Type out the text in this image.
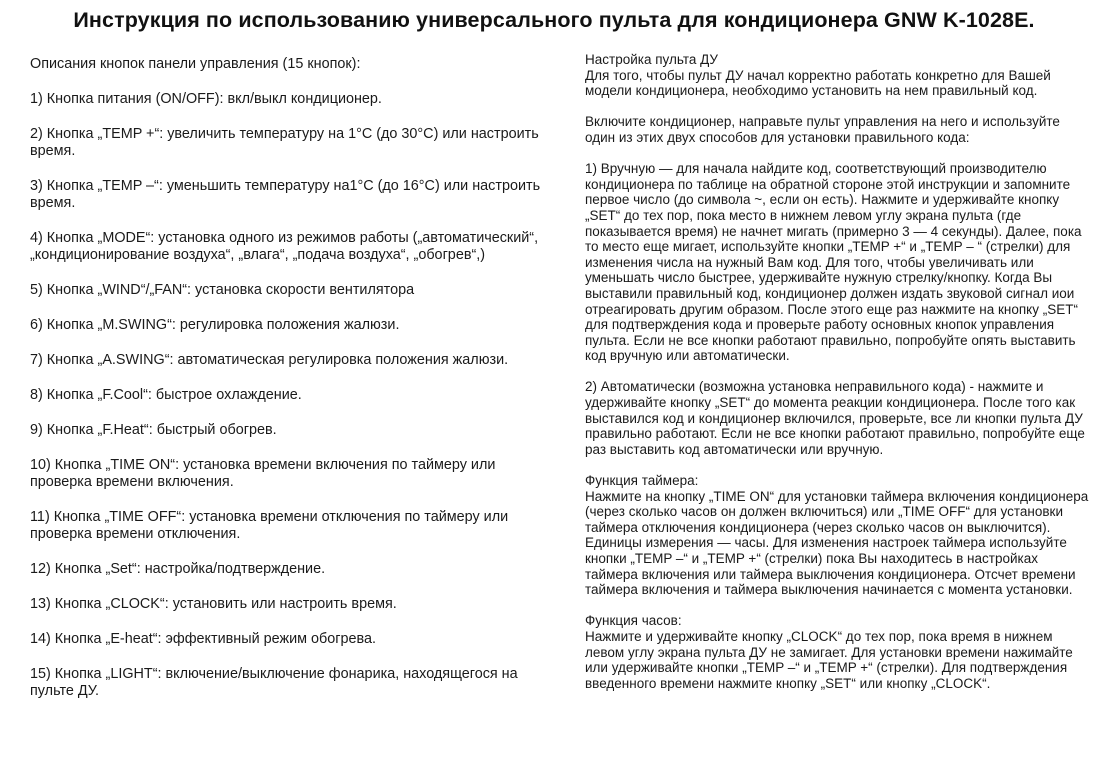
Инструкция по использованию универсального пульта для кондиционера GNW K-1028E.

Описания кнопок панели управления (15 кнопок):

1) Кнопка питания (ON/OFF): вкл/выкл кондиционер.

2) Кнопка „TEMP +“: увеличить температуру на 1°C (до 30°C) или настроить время.

3) Кнопка „TEMP –“: уменьшить температуру на1°C (до 16°C) или настроить время.

4) Кнопка „MODE“: установка одного из режимов работы („автоматический“, „кондиционирование воздуха“, „влага“, „подача воздуха“, „обогрев“,)

5) Кнопка „WIND“/„FAN“: установка скорости вентилятора

6) Кнопка „M.SWING“: регулировка положения жалюзи.

7) Кнопка „A.SWING“: автоматическая регулировка положения жалюзи.

8) Кнопка „F.Cool“: быстрое охлаждение.

9) Кнопка „F.Heat“: быстрый обогрев.

10) Кнопка „TIME ON“: установка времени включения по таймеру или проверка времени включения.

11) Кнопка „TIME OFF“: установка времени отключения по таймеру или проверка времени отключения.

12) Кнопка „Set“: настройка/подтверждение.

13) Кнопка „CLOCK“: установить или настроить время.

14) Кнопка „E-heat“: эффективный режим обогрева.

15) Кнопка „LIGHT“: включение/выключение фонарика, находящегося на пульте ДУ.

Настройка пульта ДУ

Для того, чтобы пульт ДУ начал корректно работать конкретно для Вашей модели кондиционера, необходимо установить на нем правильный код.

Включите кондиционер, направьте пульт управления на него и используйте один из этих двух способов для установки правильного кода:

1) Вручную — для начала найдите код, соответствующий производителю кондиционера по таблице на обратной стороне этой инструкции и запомните первое число (до символа ~, если он есть). Нажмите и удерживайте кнопку „SET“ до тех пор, пока место в нижнем левом углу экрана пульта (где показывается время) не начнет мигать (примерно 3 — 4 секунды). Далее, пока то место еще мигает, используйте кнопки „TEMP +“ и „TEMP – “ (стрелки) для изменения числа на нужный Вам код. Для того, чтобы увеличивать или уменьшать число быстрее, удерживайте нужную стрелку/кнопку. Когда Вы выставили правильный код, кондиционер должен издать звуковой сигнал иои отреагировать другим образом. После этого еще раз нажмите на кнопку „SET“ для подтверждения кода и проверьте работу основных кнопок управления пульта. Если не все кнопки работают правильно, попробуйте опять выставить код вручную или автоматически.

2) Автоматически (возможна установка неправильного кода) - нажмите и удерживайте кнопку „SET“ до момента реакции кондиционера. После того как выставился код и кондиционер включился, проверьте, все ли кнопки пульта ДУ правильно работают. Если не все кнопки работают правильно, попробуйте еще раз выставить код автоматически или вручную.

Функция таймера:

Нажмите на кнопку „TIME ON“ для установки таймера включения кондиционера (через сколько часов он должен включиться) или „TIME OFF“ для установки таймера отключения кондиционера (через сколько часов он выключится). Единицы измерения — часы. Для изменения настроек таймера используйте кнопки „TEMP –“ и „TEMP +“ (стрелки) пока Вы находитесь в настройках таймера включения или таймера выключения кондиционера. Отсчет времени таймера включения и таймера выключения начинается с момента установки.

Функция часов:

Нажмите и удерживайте кнопку „CLOCK“ до тех пор, пока время в нижнем левом углу экрана пульта ДУ не замигает. Для установки времени нажимайте или удерживайте кнопки „TEMP –“ и „TEMP +“ (стрелки). Для подтверждения введенного времени нажмите кнопку „SET“ или кнопку „CLOCK“.
